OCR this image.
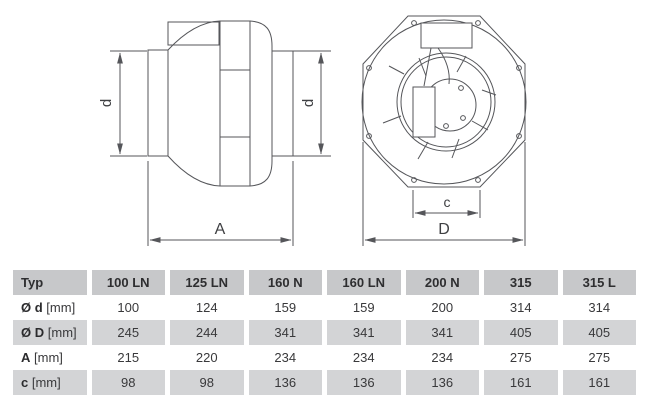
d	d
A
c
D
Typ	100 LN	125 LN	160 N	160 LN	200 N	315	315 L
Ø d [mm]	100	124	159	159	200	314	314
Ø D [mm]	245	244	341	341	341	405	405
A [mm]	215	220	234	234	234	275	275
c [mm]	98	98	136	136	136	161	161
